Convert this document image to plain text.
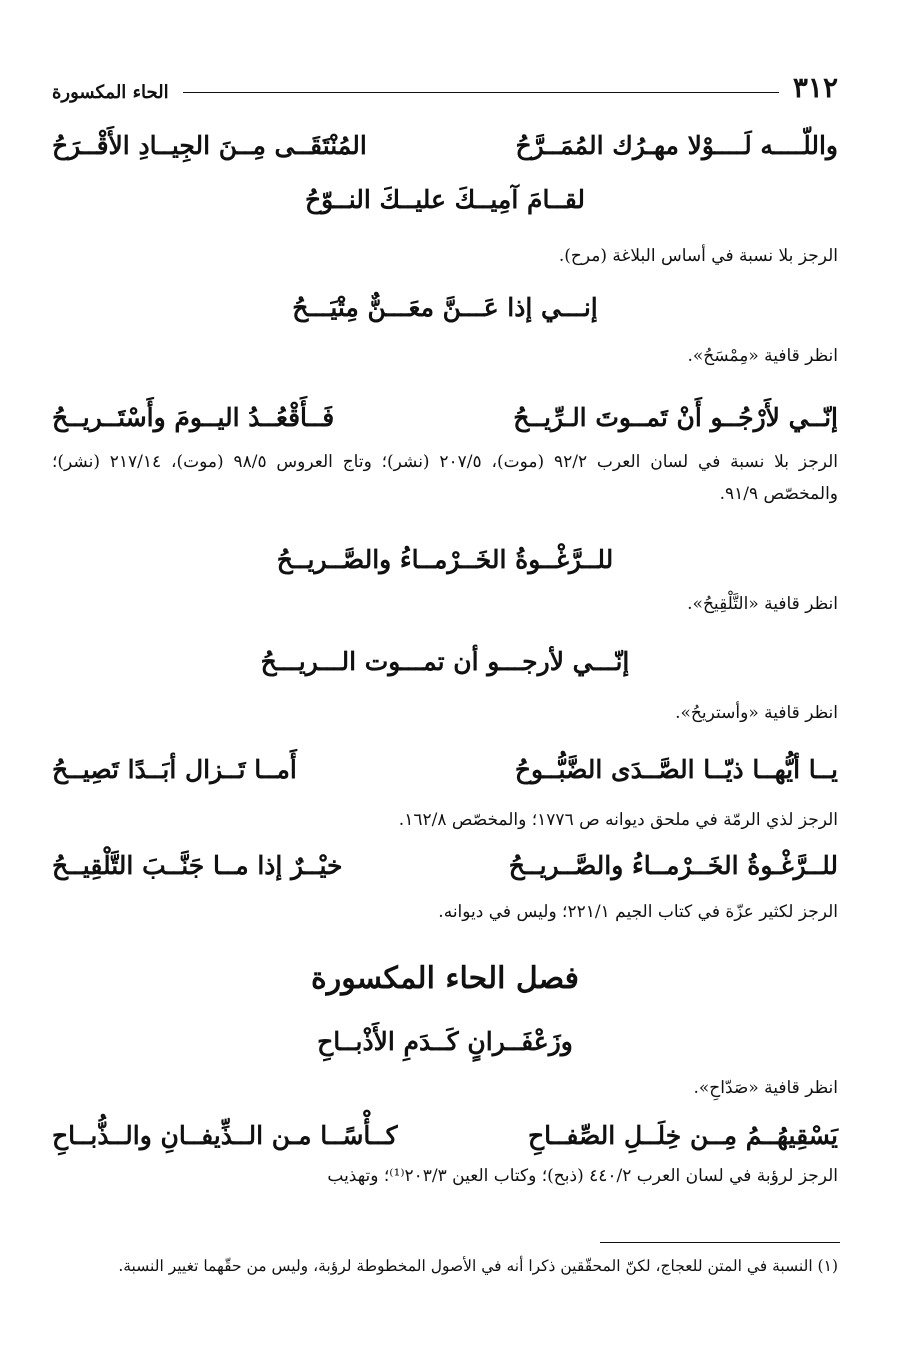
٣١٢
الحاء المكسورة
واللّــــه لَــــوْلا مهـرُك المُمَــرَّحُ
المُنْتَقَــى مِــنَ الجِيــادِ الأَقْــرَحُ
لقــامَ آمِيــكَ عليــكَ النــوّحُ
الرجز بلا نسبة في أساس البلاغة (مرح).
إنـــي إذا عَـــنَّ معَـــنٌّ مِتْيَـــحُ
انظر قافية «مِمْسَحُ».
إنّــي لأَرْجُــو أَنْ تَمــوتَ الـرِّيــحُ
فَــأَقْعُــدُ اليــومَ وأَسْتَــريــحُ
الرجز بلا نسبة في لسان العرب ٩٢/٢ (موت)، ٢٠٧/٥ (نشر)؛ وتاج العروس ٩٨/٥ (موت)، ٢١٧/١٤ (نشر)؛ والمخصّص ٩١/٩.
للــرَّغْــوةُ الخَــرْمــاءُ والصَّــريــحُ
انظر قافية «التَّلْقِيحُ».
إنّـــي لأرجـــو أن تمـــوت الـــريـــحُ
انظر قافية «وأستريحُ».
يــا أيُّهــا ذيّــا الصَّــدَى الضَّبُّــوحُ
أَمــا تَــزال أبَــدًا تَصِيــحُ
الرجز لذي الرمّة في ملحق ديوانه ص ١٧٧٦؛ والمخصّص ١٦٢/٨.
للــرَّغْـوةُ الخَــرْمــاءُ والصَّــريــحُ
خيْــرٌ إذا مــا جَنَّــبَ التَّلْقِيــحُ
الرجز لكثير عزّة في كتاب الجيم ٢٢١/١؛ وليس في ديوانه.
فصل الحاء المكسورة
وزَعْفَــرانٍ كَــدَمِ الأَذْبــاحِ
انظر قافية «صَدّاحِ».
يَسْقِيهُــمُ مِــن خِلَــلِ الصِّفــاحِ
كــأْسًــا مـن الــذِّيفــانِ والــذُّبــاحِ
الرجز لرؤبة في لسان العرب ٤٤٠/٢ (ذبح)؛ وكتاب العين ٢٠٣/٣⁽¹⁾؛ وتهذيب
(١) النسبة في المتن للعجاج، لكنّ المحقّقين ذكرا أنه في الأصول المخطوطة لرؤبة، وليس من حقّهما تغيير النسبة.
